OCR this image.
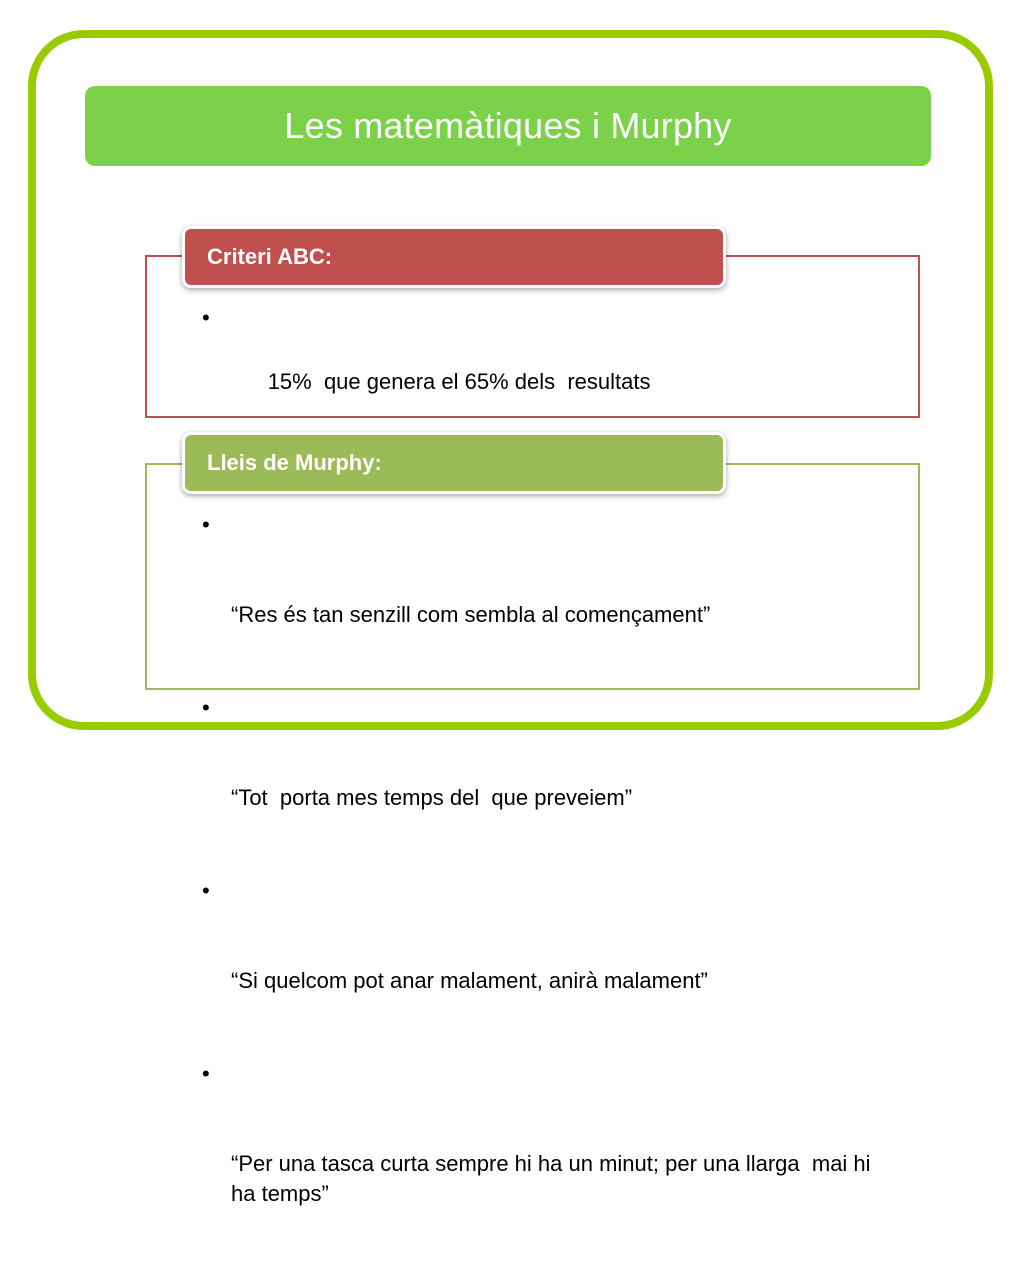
Les matemàtiques i Murphy
Criteri ABC:

•

15%  que genera el 65% dels  resultats

Lleis de Murphy:

•

“Res és tan senzill com sembla al començament”

•

“Tot  porta mes temps del  que preveiem”

•

“Si quelcom pot anar malament, anirà malament”

•

“Per una tasca curta sempre hi ha un minut; per una llarga  mai hi ha temps”
